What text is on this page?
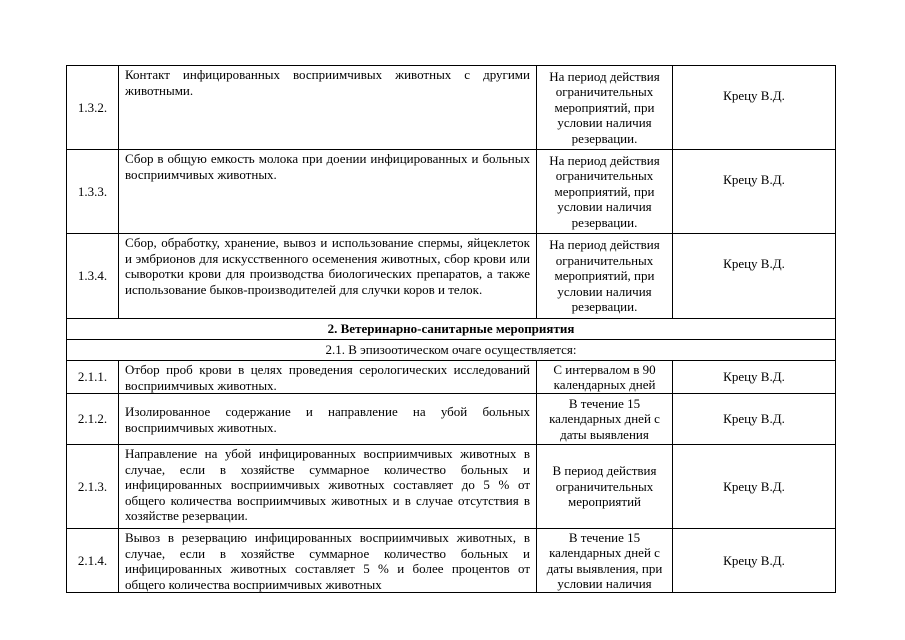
1.3.2.	Контакт инфицированных восприимчивых животных с другими животными.	На период действия ограничительных мероприятий, при условии наличия резервации.	Крецу В.Д.
1.3.3.	Сбор в общую емкость молока при доении инфицированных и больных восприимчивых животных.	На период действия ограничительных мероприятий, при условии наличия резервации.	Крецу В.Д.
1.3.4.	Сбор, обработку, хранение, вывоз и использование спермы, яйцеклеток и эмбрионов для искусственного осеменения животных, сбор крови или сыворотки крови для производства биологических препаратов, а также использование быков-производителей для случки коров и телок.	На период действия ограничительных мероприятий, при условии наличия резервации.	Крецу В.Д.
2. Ветеринарно-санитарные мероприятия			
2.1. В эпизоотическом очаге осуществляется:			
2.1.1.	Отбор проб крови в целях проведения серологических исследований восприимчивых животных.	С интервалом в 90 календарных дней	Крецу В.Д.
2.1.2.	Изолированное содержание и направление на убой больных восприимчивых животных.	В течение 15 календарных дней с даты выявления	Крецу В.Д.
2.1.3.	Направление на убой инфицированных восприимчивых животных в случае, если в хозяйстве суммарное количество больных и инфицированных восприимчивых животных составляет до 5 % от общего количества восприимчивых животных и в случае отсутствия в хозяйстве резервации.	В период действия ограничительных мероприятий	Крецу В.Д.
2.1.4.	Вывоз в резервацию инфицированных восприимчивых животных, в случае, если в хозяйстве суммарное количество больных и инфицированных животных составляет 5 % и более процентов от общего количества восприимчивых животных	В течение 15 календарных дней с даты выявления, при условии наличия	Крецу В.Д.
